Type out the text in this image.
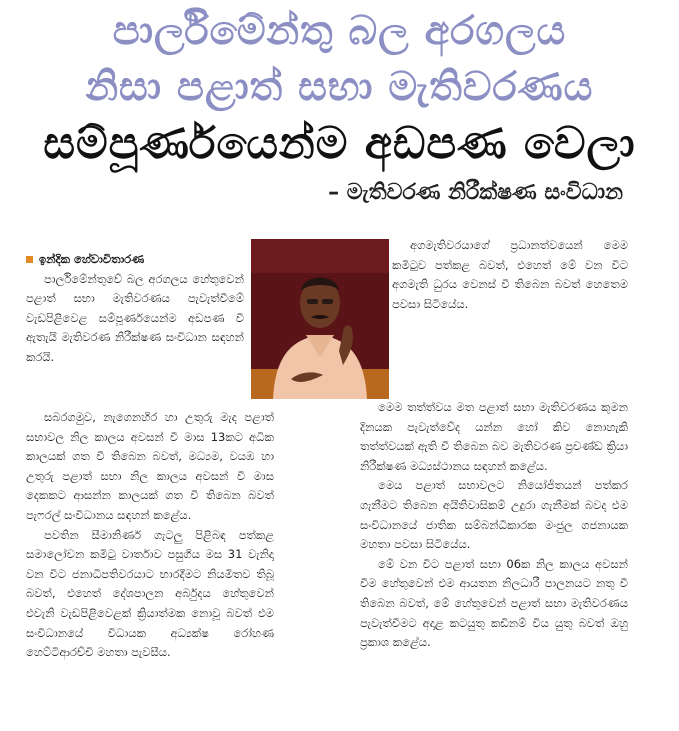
පාර්ලිමේන්තු බල අරගලය
නිසා පළාත් සභා මැතිවරණය
සම්පූර්ණයෙන්ම අඩපණ වෙලා
– මැතිවරණ නිරීක්ෂණ සංවිධාන

ඉන්දික හේවාවිතාරණ

පාර්ලිමේන්තුවේ බල අරගලය හේතුවෙන් පළාත් සභා මැතිවරණය පැවැත්වීමේ වැඩපිළිවෙළ සම්පූර්ණයෙන්ම අඩපණ වී ඇතැයි මැතිවරණ නිරීක්ෂණ සංවිධාන සඳහන් කරයි.

සබරගමුව, නැගෙනහිර හා උතුරු මැද පළාත් සභාවල නිල කාලය අවසන් වී මාස 13කට අධික කාලයක් ගත වී තිබෙන බවත්, මධ්‍යම, වයඹ හා උතුරු පළාත් සභා නිල කාලය අවසන් වී මාස දෙකකට ආසන්න කාලයක් ගත වී තිබෙන බවත් පැෆරල් සංවිධානය සඳහන් කළේය.

පවතින සීමානිර්ණ ගැටලු පිළිබඳ පත්කළ සමාලෝචන කමිටු වාර්තාව පසුගිය මස 31 වැනිදා වන විට ජනාධිපතිවරයාට භාරදීමට නියමිතව තිබූ බවත්, එහෙත් දේශපාලන අර්බුදය හේතුවෙන් එවැනි වැඩපිළිවෙළක් ක්‍රියාත්මක නොවූ බවත් එම සංවිධානයේ විධායක අධ්‍යක්ෂ රෝහණ හෙට්ටිආරච්චි මහතා පැවසීය.

අගමැතිවරයාගේ ප්‍රධානත්වයෙන් මෙම කමිටුව පත්කළ බවත්, එහෙත් මේ වන විට අගමැති ධුරය වෙනස් වී තිබෙන බවත් හෙතෙම පවසා සිටියේය.

මෙම තත්ත්වය මත පළාත් සභා මැතිවරණය කුමන දිනයක පැවැත්වේද යන්න හෝ කිව නොහැකි තත්ත්වයක් ඇති වී තිබෙන බව මැතිවරණ ප්‍රචණ්ඩ ක්‍රියා නිරීක්ෂණ මධ්‍යස්ථානය සඳහන් කළේය.

මෙය පළාත් සභාවලට නියෝජිතයන් පත්කර ගැනීමට තිබෙන අයිතිවාසිකම් උදුරා ගැනීමක් බවද එම සංවිධානයේ ජාතික සම්බන්ධීකාරක මංජුල ගජනායක මහතා පවසා සිටියේය.

මේ වන විට පළාත් සභා 06ක නිල කාලය අවසන් වීම හේතුවෙන් එම ආයතන නිලධාරී පාලනයට නතු වී තිබෙන බවත්, මේ හේතුවෙන් පළාත් සභා මැතිවරණය පැවැත්වීමට අදාළ කටයුතු කඩිනම් විය යුතු බවත් ඔහු ප්‍රකාශ කළේය.
